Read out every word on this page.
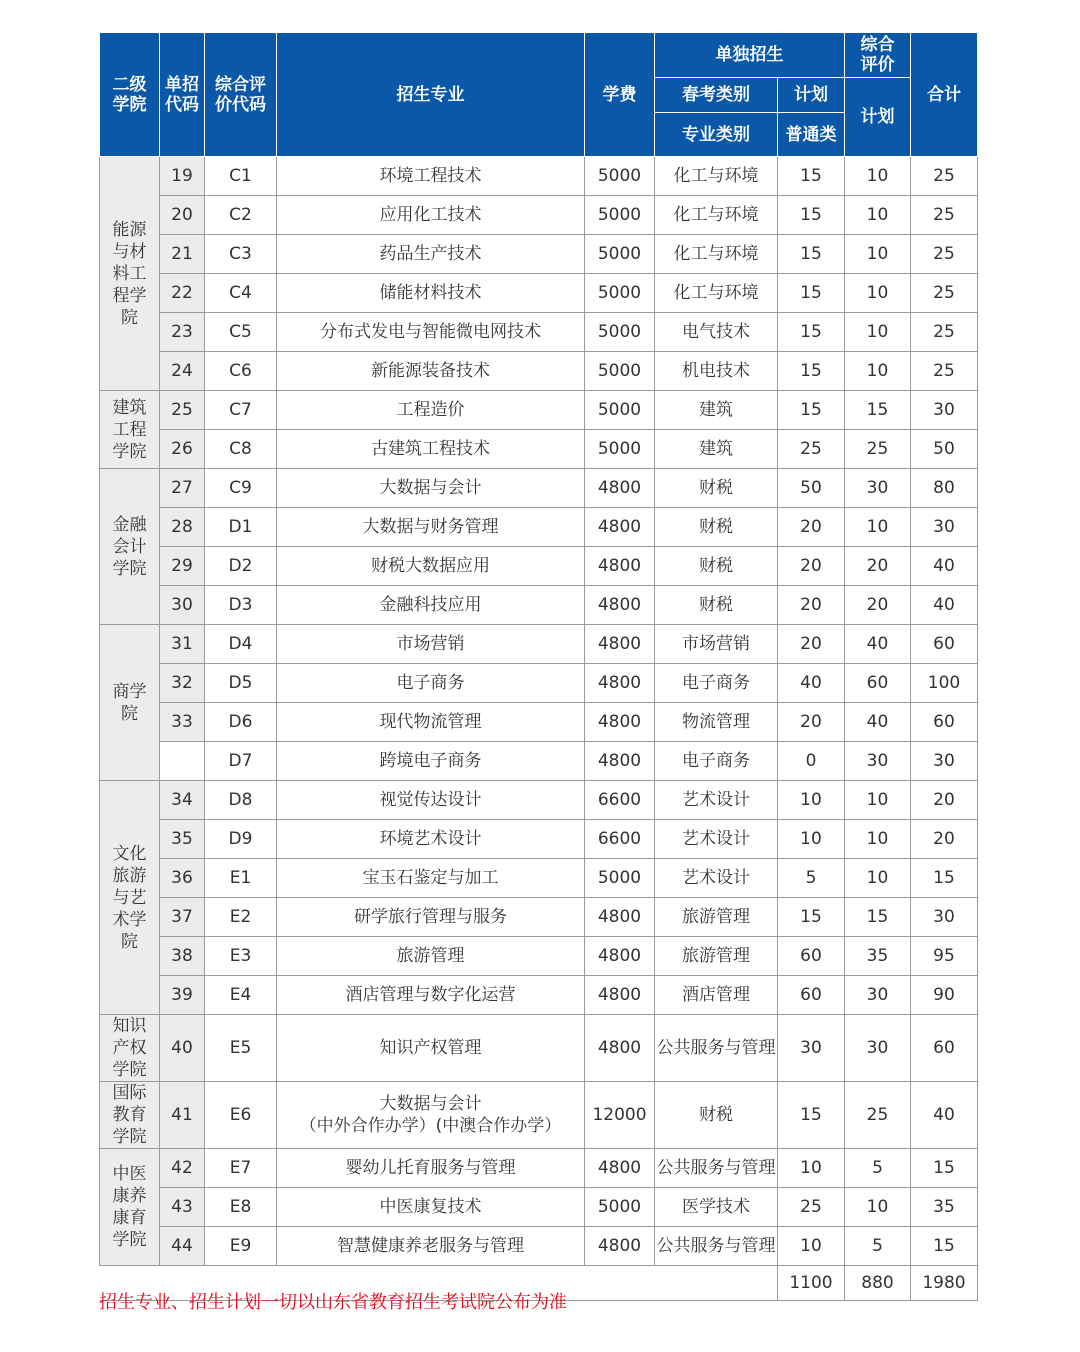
二级学院	单招代码	综合评价代码	招生专业	学费	单独招生		综合评价	合计
					春考类别	计划	计划	
					专业类别	普通类		

能源与材料工程学院	19	C1	环境工程技术	5000	化工与环境	15	10	25
	20	C2	应用化工技术	5000	化工与环境	15	10	25
	21	C3	药品生产技术	5000	化工与环境	15	10	25
	22	C4	储能材料技术	5000	化工与环境	15	10	25
	23	C5	分布式发电与智能微电网技术	5000	电气技术	15	10	25
	24	C6	新能源装备技术	5000	机电技术	15	10	25

建筑工程学院	25	C7	工程造价	5000	建筑	15	15	30
	26	C8	古建筑工程技术	5000	建筑	25	25	50

金融会计学院	27	C9	大数据与会计	4800	财税	50	30	80
	28	D1	大数据与财务管理	4800	财税	20	10	30
	29	D2	财税大数据应用	4800	财税	20	20	40
	30	D3	金融科技应用	4800	财税	20	20	40

商学院	31	D4	市场营销	4800	市场营销	20	40	60
	32	D5	电子商务	4800	电子商务	40	60	100
	33	D6	现代物流管理	4800	物流管理	20	40	60
		D7	跨境电子商务	4800	电子商务	0	30	30

文化旅游与艺术学院	34	D8	视觉传达设计	6600	艺术设计	10	10	20
	35	D9	环境艺术设计	6600	艺术设计	10	10	20
	36	E1	宝玉石鉴定与加工	5000	艺术设计	5	10	15
	37	E2	研学旅行管理与服务	4800	旅游管理	15	15	30
	38	E3	旅游管理	4800	旅游管理	60	35	95
	39	E4	酒店管理与数字化运营	4800	酒店管理	60	30	90

知识产权学院	40	E5	知识产权管理	4800	公共服务与管理	30	30	60

国际教育学院	41	E6	大数据与会计
（中外合作办学）(中澳合作办学）	12000	财税	15	25	40

中医康养康育学院	42	E7	婴幼儿托育服务与管理	4800	公共服务与管理	10	5	15
	43	E8	中医康复技术	5000	医学技术	25	10	35
	44	E9	智慧健康养老服务与管理	4800	公共服务与管理	10	5	15
						1100	880	1980
招生专业、招生计划一切以山东省教育招生考试院公布为准
